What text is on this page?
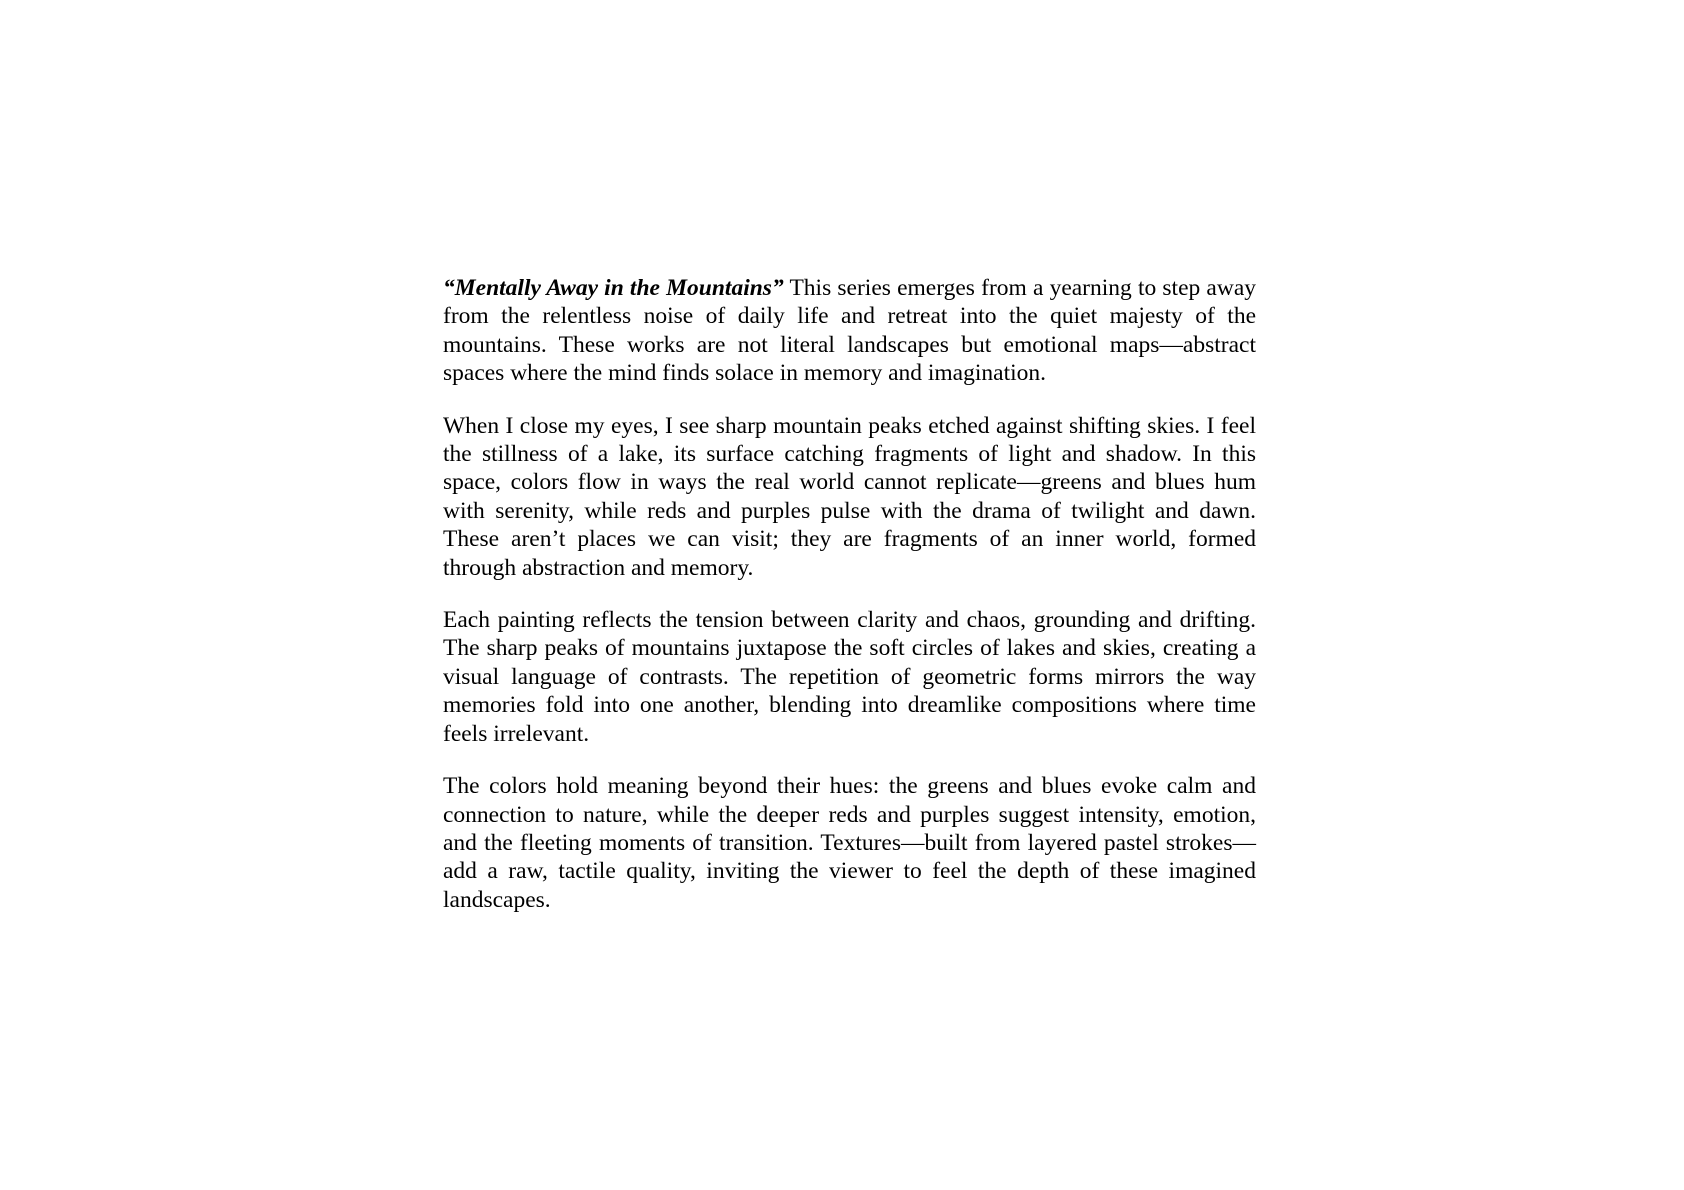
“Mentally Away in the Mountains” This series emerges from a yearning to step away from the relentless noise of daily life and retreat into the quiet majesty of the mountains. These works are not literal landscapes but emotional maps—abstract spaces where the mind finds solace in memory and imagination.

When I close my eyes, I see sharp mountain peaks etched against shifting skies. I feel the stillness of a lake, its surface catching fragments of light and shadow. In this space, colors flow in ways the real world cannot replicate—greens and blues hum with serenity, while reds and purples pulse with the drama of twilight and dawn. These aren’t places we can visit; they are fragments of an inner world, formed through abstraction and memory.

Each painting reflects the tension between clarity and chaos, grounding and drifting. The sharp peaks of mountains juxtapose the soft circles of lakes and skies, creating a visual language of contrasts. The repetition of geometric forms mirrors the way memories fold into one another, blending into dreamlike compositions where time feels irrelevant.

The colors hold meaning beyond their hues: the greens and blues evoke calm and connection to nature, while the deeper reds and purples suggest intensity, emotion, and the fleeting moments of transition. Textures—built from layered pastel strokes—add a raw, tactile quality, inviting the viewer to feel the depth of these imagined landscapes.
